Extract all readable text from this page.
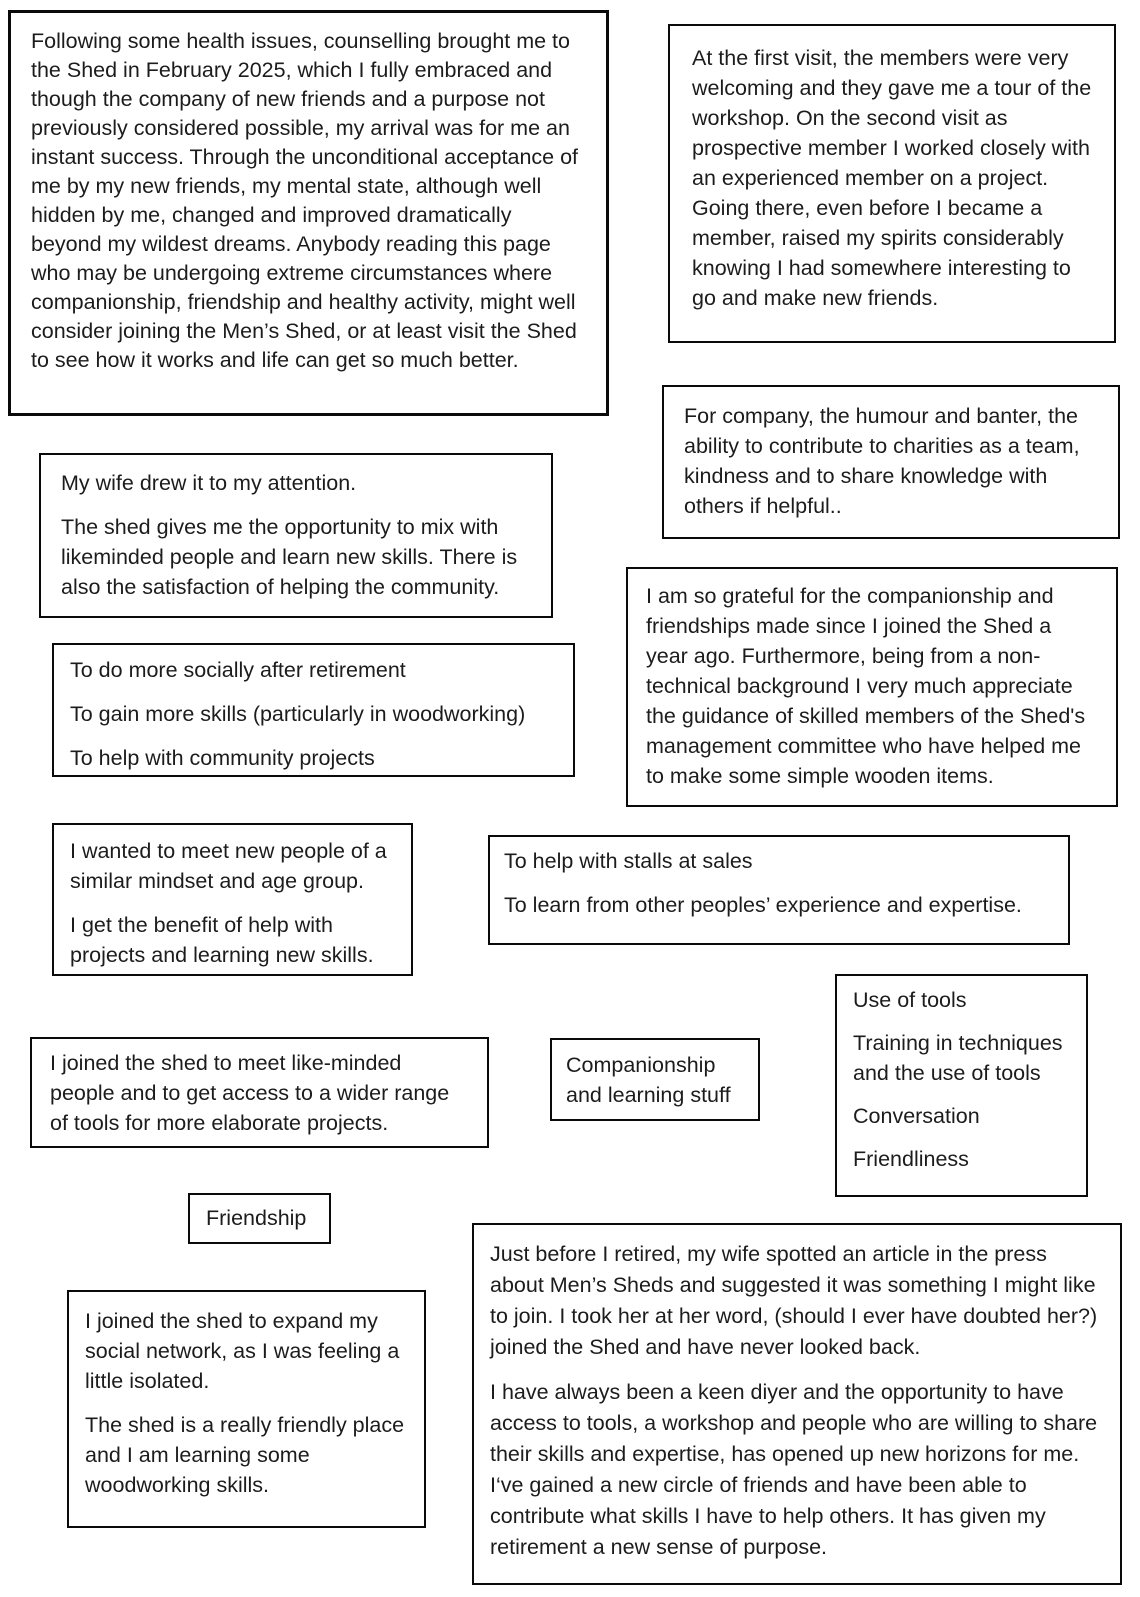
Following some health issues, counselling brought me to the Shed in February 2025, which I fully embraced and though the company of new friends and a purpose not previously considered possible, my arrival was for me an instant success. Through the unconditional acceptance of me by my new friends, my mental state, although well hidden by me, changed and improved dramatically beyond my wildest dreams. Anybody reading this page who may be undergoing extreme circumstances where companionship, friendship and healthy activity, might well consider joining the Men’s Shed, or at least visit the Shed to see how it works and life can get so much better.

At the first visit, the members were very welcoming and they gave me a tour of the workshop. On the second visit as prospective member I worked closely with an experienced member on a project. Going there, even before I became a member, raised my spirits considerably knowing I had somewhere interesting to go and make new friends.

For company, the humour and banter, the ability to contribute to charities as a team, kindness and to share knowledge with others if helpful..

My wife drew it to my attention.

The shed gives me the opportunity to mix with likeminded people and learn new skills. There is also the satisfaction of helping the community.

To do more socially after retirement

To gain more skills (particularly in woodworking)

To help with community projects

I am so grateful for the companionship and friendships made since I joined the Shed a year ago. Furthermore, being from a non-technical background I very much appreciate the guidance of skilled members of the Shed's management committee who have helped me to make some simple wooden items.

I wanted to meet new people of a similar mindset and age group.

I get the benefit of help with projects and learning new skills.

To help with stalls at sales

To learn from other peoples’ experience and expertise.

Use of tools

Training in techniques and the use of tools

Conversation

Friendliness

I joined the shed to meet like-minded people and to get access to a wider range of tools for more elaborate projects.

Companionship and learning stuff

Friendship

I joined the shed to expand my social network, as I was feeling a little isolated.

The shed is a really friendly place and I am learning some woodworking skills.

Just before I retired, my wife spotted an article in the press about Men’s Sheds and suggested it was something I might like to join. I took her at her word, (should I ever have doubted her?) joined the Shed and have never looked back.

I have always been a keen diyer and the opportunity to have access to tools, a workshop and people who are willing to share their skills and expertise, has opened up new horizons for me. I‘ve gained a new circle of friends and have been able to contribute what skills I have to help others. It has given my retirement a new sense of purpose.
